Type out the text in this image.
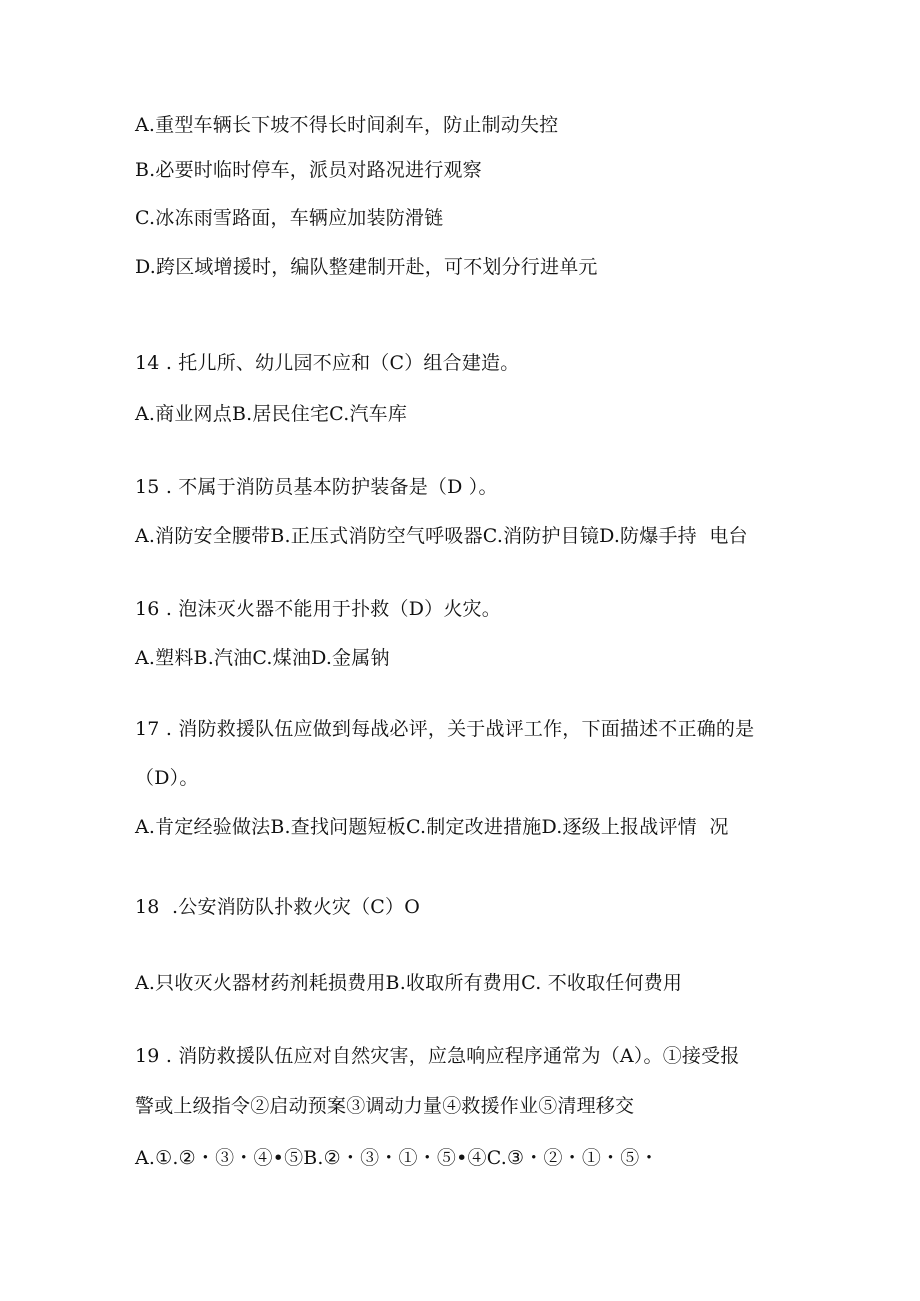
A.重型车辆长下坡不得长时间刹车，防止制动失控
B.必要时临时停车，派员对路况进行观察
C.冰冻雨雪路面，车辆应加装防滑链
D.跨区域增援时，编队整建制开赴，可不划分行进单元
14 . 托儿所、幼儿园不应和（C）组合建造。
A.商业网点B.居民住宅C.汽车库
15 . 不属于消防员基本防护装备是（D ）。
A.消防安全腰带B.正压式消防空气呼吸器C.消防护目镜D.防爆手持  电台
16 . 泡沫灭火器不能用于扑救（D）火灾。
A.塑料B.汽油C.煤油D.金属钠
17 . 消防救援队伍应做到每战必评，关于战评工作，下面描述不正确的是
（D）。
A.肯定经验做法B.查找问题短板C.制定改进措施D.逐级上报战评情  况
18  .公安消防队扑救火灾（C）O
A.只收灭火器材药剂耗损费用B.收取所有费用C. 不收取任何费用
19 . 消防救援队伍应对自然灾害，应急响应程序通常为（A）。①接受报
警或上级指令②启动预案③调动力量④救援作业⑤清理移交
A.①.②・③・④•⑤B.②・③・①・⑤•④C.③・②・①・⑤・
